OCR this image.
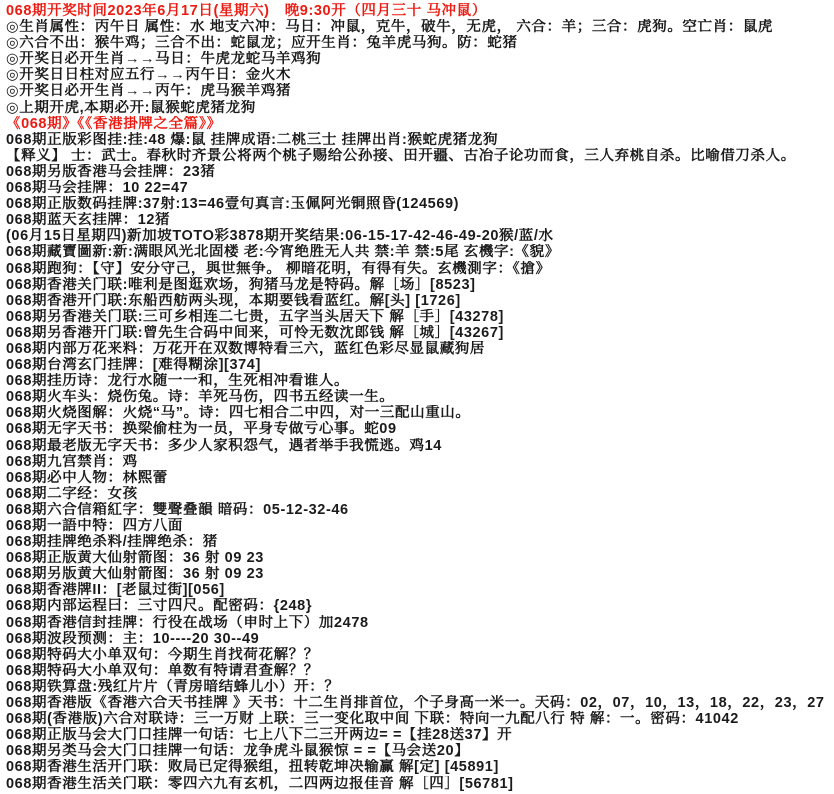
068期开奖时间2023年6月17日(星期六)　晚9:30开（四月三十 马冲鼠）
◎生肖属性：丙午日 属性：水 地支六冲：马日：冲鼠，克牛，破牛，无虎， 六合：羊；三合：虎狗。空亡肖：鼠虎
◎六合不出：猴牛鸡；三合不出：蛇鼠龙；应开生肖：兔羊虎马狗。防：蛇猪
◎开奖日必开生肖→→马日：牛虎龙蛇马羊鸡狗
◎开奖日日柱对应五行→→丙午日：金火木
◎开奖日必开生肖→→丙午：虎马猴羊鸡猪
◎上期开虎,本期必开:鼠猴蛇虎猪龙狗
《068期》《《香港掛牌之全篇》》
068期正版彩图挂:挂:48 爆:鼠 挂牌成语:二桃三士 挂牌出肖:猴蛇虎猪龙狗
【释义】 士：武士。春秋时齐景公将两个桃子赐给公孙接、田开疆、古冶子论功而食，三人弃桃自杀。比喻借刀杀人。
068期另版香港马会挂牌：23猪
068期马会挂牌：10 22=47
068期正版数码挂牌:37射:13=46壹句真言:玉佩阿光铜照昏(124569)
068期蓝天玄挂牌：12猪
(06月15日星期四)新加坡TOTO彩3878期开奖结果:06-15-17-42-46-49-20猴/蓝/水
068期藏寶圖新:新:满眼风光北固楼 老:今宵绝胜无人共 禁:羊 禁:5尾 玄機字:《貌》
068期跑狗：【守】安分守己，與世無争。 柳暗花明，有得有失。玄機測字：《搶》
068期香港关门联:唯利是图逛欢场，狗猪马龙是特码。解［场］[8523]
068期香港开门联:东船西舫两头现，本期要钱看蓝红。解[头] [1726]
068期另香港关门联:三可乡相连二七贵，五字当头居天下 解［手］[43278]
068期另香港开门联:曾先生合码中间来，可怜无数沈郎钱 解［城］[43267]
068期内部万花来料：万花开在双数博特看三六，蓝红色彩尽显鼠藏狗居
068期台湾玄门挂牌：[难得糊涂][374]
068期挂历诗：龙行水随一一和，生死相冲看谁人。
068期火车头：烧伤兔。诗：羊死马伤，四书五经读一生。
068期火烧图解：火烧“马”。诗：四七相合二中四，对一三配山重山。
068期无字天书：换梁偷柱为一员，平身专做亏心事。蛇09
068期最老版无字天书：多少人家积怨气，遇者举手我慌逃。鸡14
068期九宫禁肖：鸡
068期必中人物：林熙蕾
068期二字经：女孩
068期六合信箱紅字：雙聲叠韻 暗码：05-12-32-46
068期一語中特：四方八面
068期挂牌绝杀料/挂牌绝杀：猪
068期正版黄大仙射箭图：36 射 09 23
068期另版黄大仙射箭图：36 射 09 23
068期香港牌II：[老鼠过街][056]
068期内部运程曰：三寸四尺。配密码：{248}
068期香港信封挂牌：行役在战场（申时上下）加2478
068期波段预测：主：10----20 30--49
068期特码大小单双句：今期生肖找荷花解？？
068期特码大小单双句：单数有特请君查解？？
068期铁算盘:残红片片（青房暗结蜂儿小）开：？
068期香港版《香港六合天书挂牌 》天书：十二生肖排首位，个子身高一米一。天码：02，07，10，13，18，22，23，27
068期(香港版)六合对联诗：三一万财 上联：三一变化取中间 下联：特向一九配八行 特 解：一。密码：41042
068期正版马会大门口挂牌一句话：七上八下二三开两边= =【挂28送37】开
068期另类马会大门口挂牌一句话：龙争虎斗鼠猴惊 = =【马会送20】
068期香港生活开门联：败局已定得猴组，扭转乾坤决输赢 解[定] [45891]
068期香港生活关门联：零四六九有玄机，二四两边报佳音 解［四］[56781]
